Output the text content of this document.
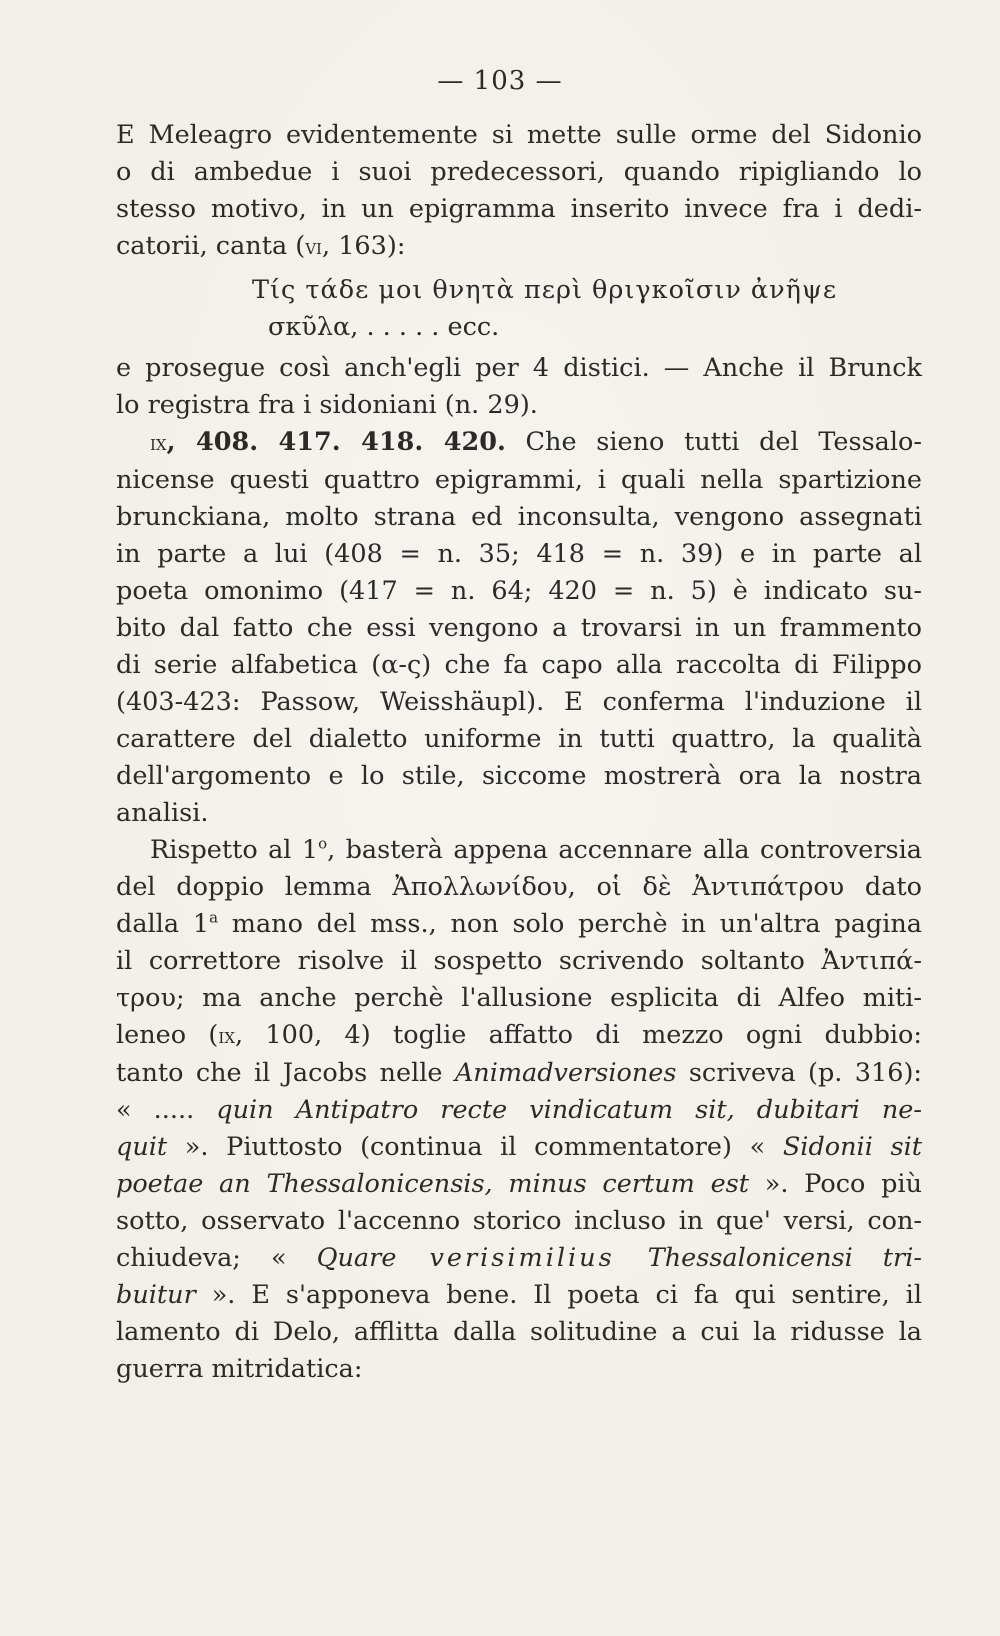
— 103 —
E Meleagro evidentemente si mette sulle orme del Sidonio
o di ambedue i suoi predecessori, quando ripigliando lo
stesso motivo, in un epigramma inserito invece fra i dedi-
catorii, canta (vi, 163):
Τίς τάδε μοι θνητὰ περὶ θριγκοῖσιν ἀνῆψε
σκῦλα, . . . . . ecc.
e prosegue così anch'egli per 4 distici. — Anche il Brunck
lo registra fra i sidoniani (n. 29).
ix, 408. 417. 418. 420. Che sieno tutti del Tessalo-
nicense questi quattro epigrammi, i quali nella spartizione
brunckiana, molto strana ed inconsulta, vengono assegnati
in parte a lui (408 = n. 35; 418 = n. 39) e in parte al
poeta omonimo (417 = n. 64; 420 = n. 5) è indicato su-
bito dal fatto che essi vengono a trovarsi in un frammento
di serie alfabetica (α-ς) che fa capo alla raccolta di Filippo
(403-423: Passow, Weisshäupl). E conferma l'induzione il
carattere del dialetto uniforme in tutti quattro, la qualità
dell'argomento e lo stile, siccome mostrerà ora la nostra
analisi.
Rispetto al 1$^o$, basterà appena accennare alla controversia
del doppio lemma Ἀπολλωνίδου, οἱ δὲ Ἀντιπάτρου dato
dalla 1$^a$ mano del mss., non solo perchè in un'altra pagina
il correttore risolve il sospetto scrivendo soltanto Ἀντιπά-
τρου; ma anche perchè l'allusione esplicita di Alfeo miti-
leneo (ix, 100, 4) toglie affatto di mezzo ogni dubbio:
tanto che il Jacobs nelle Animadversiones scriveva (p. 316):
« ..... quin Antipatro recte vindicatum sit, dubitari ne-
quit ». Piuttosto (continua il commentatore) « Sidonii sit
poetae an Thessalonicensis, minus certum est ». Poco più
sotto, osservato l'accenno storico incluso in que' versi, con-
chiudeva; « Quare verisimilius Thessalonicensi tri-
buitur ». E s'apponeva bene. Il poeta ci fa qui sentire, il
lamento di Delo, afflitta dalla solitudine a cui la ridusse la
guerra mitridatica:
